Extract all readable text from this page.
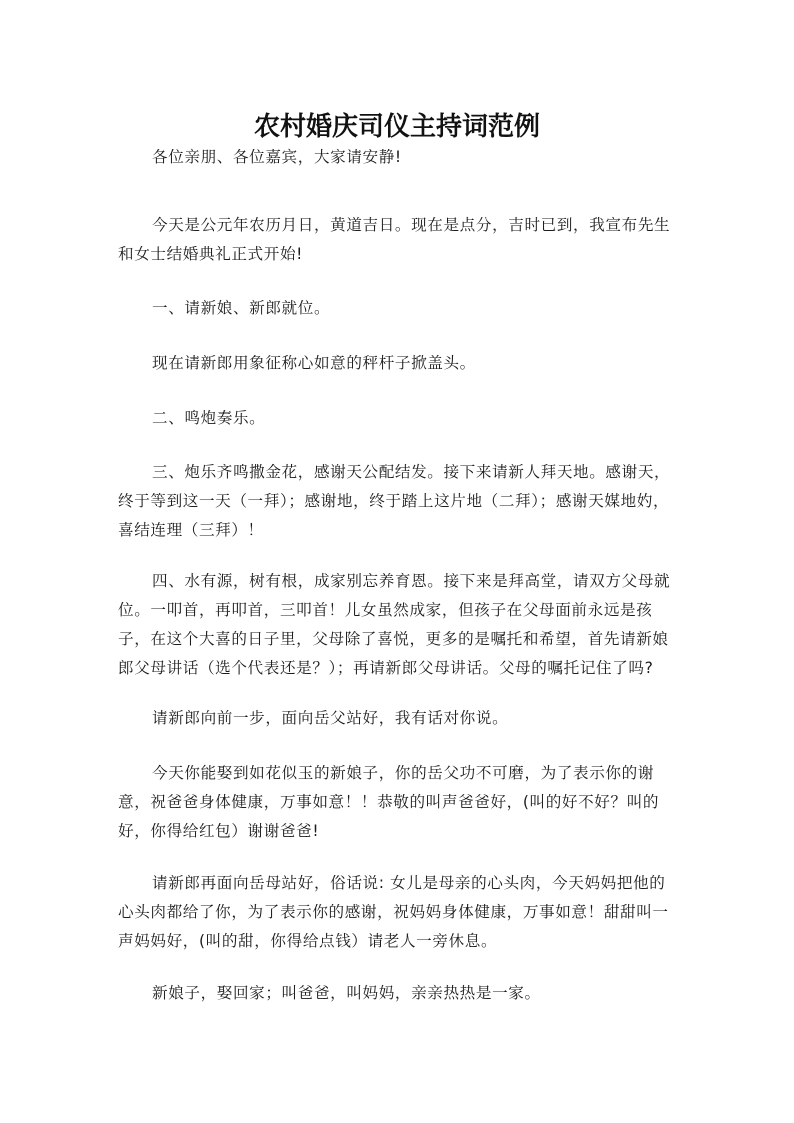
农村婚庆司仪主持词范例

各位亲朋、各位嘉宾，大家请安静!

今天是公元年农历月日，黄道吉日。现在是点分，吉时已到，我宣布先生和女士结婚典礼正式开始!

一、请新娘、新郎就位。

现在请新郎用象征称心如意的秤杆子掀盖头。

二、鸣炮奏乐。

三、炮乐齐鸣撒金花，感谢天公配结发。接下来请新人拜天地。感谢天，终于等到这一天（一拜）；感谢地，终于踏上这片地（二拜）；感谢天媒地妁，喜结连理（三拜）！

四、水有源，树有根，成家别忘养育恩。接下来是拜高堂，请双方父母就位。一叩首，再叩首，三叩首！儿女虽然成家，但孩子在父母面前永远是孩子，在这个大喜的日子里，父母除了喜悦，更多的是嘱托和希望，首先请新娘郎父母讲话（选个代表还是？）；再请新郎父母讲话。父母的嘱托记住了吗?

请新郎向前一步，面向岳父站好，我有话对你说。

今天你能娶到如花似玉的新娘子，你的岳父功不可磨，为了表示你的谢意，祝爸爸身体健康，万事如意！！恭敬的叫声爸爸好，(叫的好不好？叫的好，你得给红包）谢谢爸爸!

请新郎再面向岳母站好，俗话说: 女儿是母亲的心头肉，今天妈妈把他的心头肉都给了你，为了表示你的感谢，祝妈妈身体健康，万事如意！甜甜叫一声妈妈好，(叫的甜，你得给点钱）请老人一旁休息。

新娘子，娶回家；叫爸爸，叫妈妈，亲亲热热是一家。
